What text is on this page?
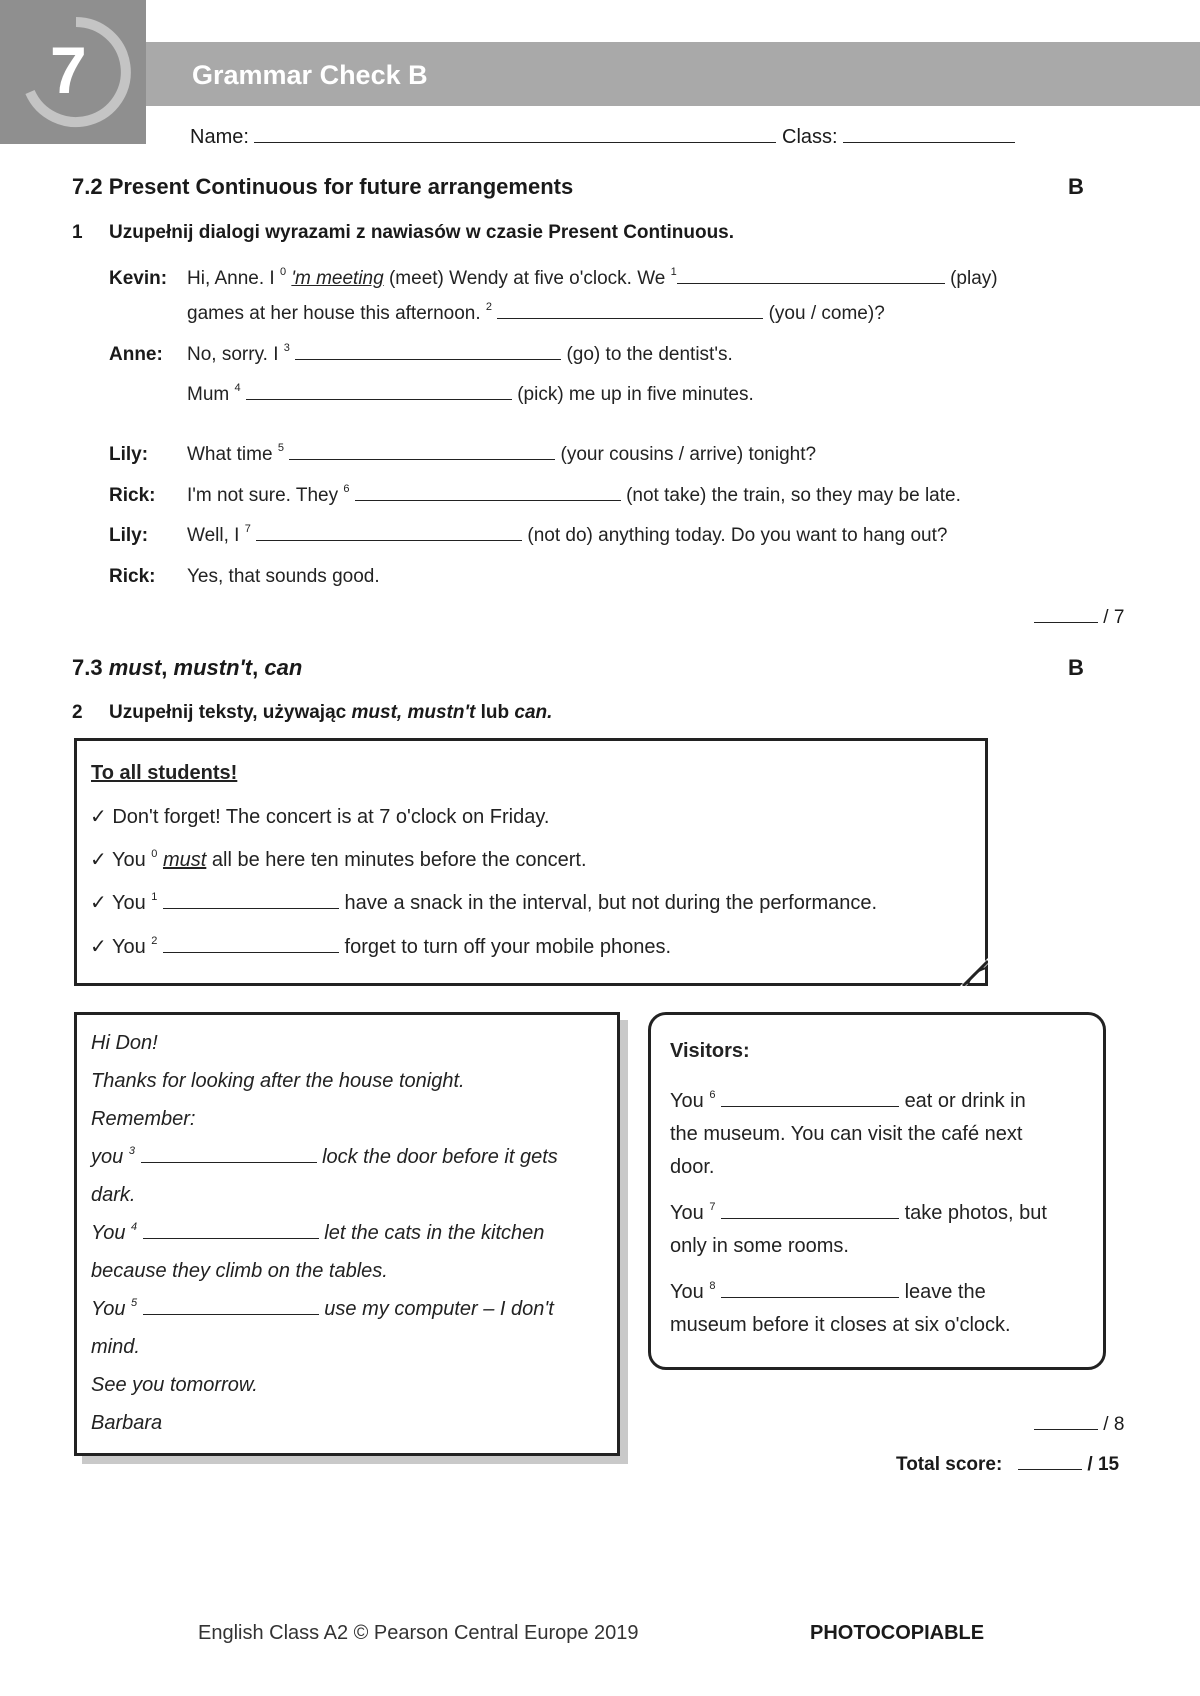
7	Grammar Check B
Name:	Class:
7.2 Present Continuous for future arrangements	B
1 Uzupełnij dialogi wyrazami z nawiasów w czasie Present Continuous.
Kevin: Hi, Anne. I $^0$ 'm meeting (meet) Wendy at five o'clock. We $^1$	(play)
games at her house this afternoon. $^2$	(you / come)?
Anne: No, sorry. I $^3$	(go) to the dentist's.
Mum $^4$	(pick) me up in five minutes.
Lily: What time $^5$	(your cousins / arrive) tonight?
Rick: I'm not sure. They $^6$	(not take) the train, so they may be late.
Lily: Well, I $^7$	(not do) anything today. Do you want to hang out?
Rick: Yes, that sounds good.
/ 7
7.3 must, mustn't, can	B
2 Uzupełnij teksty, używając must, mustn't lub can.
To all students!
✓ Don't forget! The concert is at 7 o'clock on Friday.
✓ You $^0$ must all be here ten minutes before the concert.
✓ You $^1$	have a snack in the interval, but not during the performance.
✓ You $^2$	forget to turn off your mobile phones.
Hi Don!
Thanks for looking after the house tonight.
Remember:
you $^3$	lock the door before it gets
dark.
You $^4$	let the cats in the kitchen
because they climb on the tables.
You $^5$	use my computer – I don't
mind.
See you tomorrow.
Barbara
Visitors:
You $^6$	eat or drink in
the museum. You can visit the café next
door.
You $^7$	take photos, but
only in some rooms.
You $^8$	leave the
museum before it closes at six o'clock.
/ 8
Total score:	/ 15
English Class A2 © Pearson Central Europe 2019	PHOTOCOPIABLE
